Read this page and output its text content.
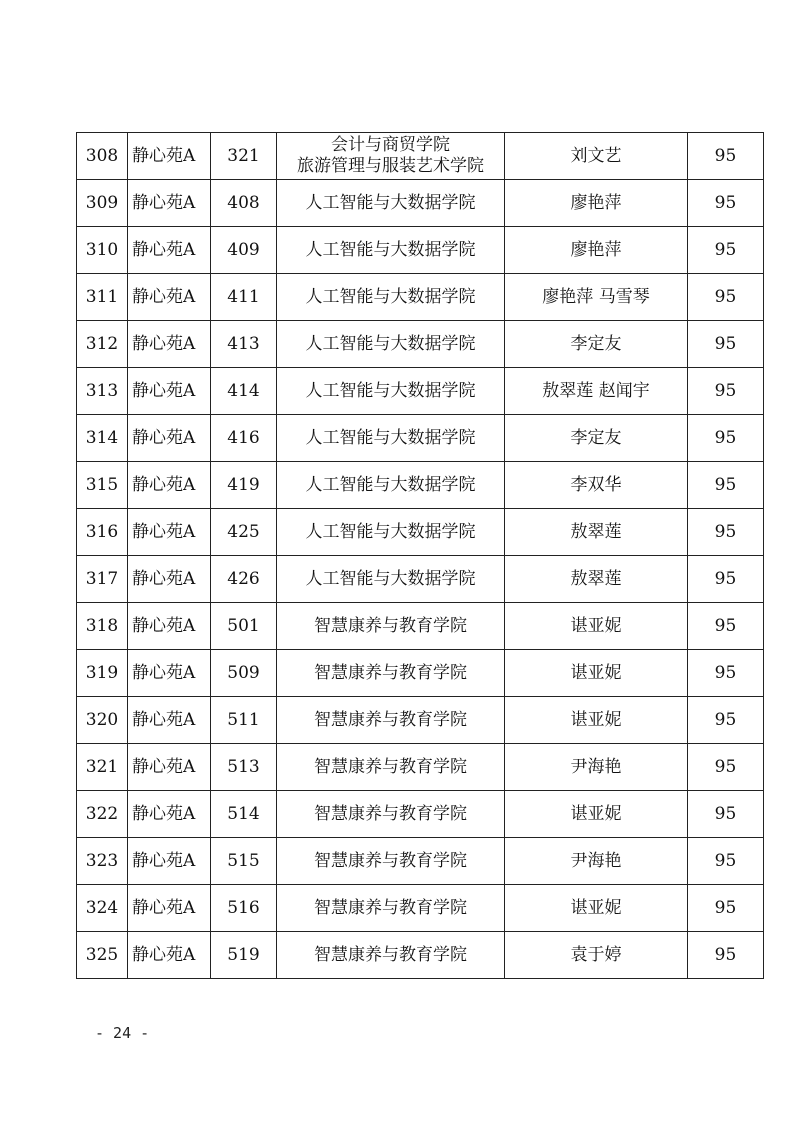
308	静心苑A	321	会计与商贸学院
旅游管理与服装艺术学院	刘文艺	95
309	静心苑A	408	人工智能与大数据学院	廖艳萍	95
310	静心苑A	409	人工智能与大数据学院	廖艳萍	95
311	静心苑A	411	人工智能与大数据学院	廖艳萍 马雪琴	95
312	静心苑A	413	人工智能与大数据学院	李定友	95
313	静心苑A	414	人工智能与大数据学院	敖翠莲 赵闻宇	95
314	静心苑A	416	人工智能与大数据学院	李定友	95
315	静心苑A	419	人工智能与大数据学院	李双华	95
316	静心苑A	425	人工智能与大数据学院	敖翠莲	95
317	静心苑A	426	人工智能与大数据学院	敖翠莲	95
318	静心苑A	501	智慧康养与教育学院	谌亚妮	95
319	静心苑A	509	智慧康养与教育学院	谌亚妮	95
320	静心苑A	511	智慧康养与教育学院	谌亚妮	95
321	静心苑A	513	智慧康养与教育学院	尹海艳	95
322	静心苑A	514	智慧康养与教育学院	谌亚妮	95
323	静心苑A	515	智慧康养与教育学院	尹海艳	95
324	静心苑A	516	智慧康养与教育学院	谌亚妮	95
325	静心苑A	519	智慧康养与教育学院	袁于婷	95
- 24 -
